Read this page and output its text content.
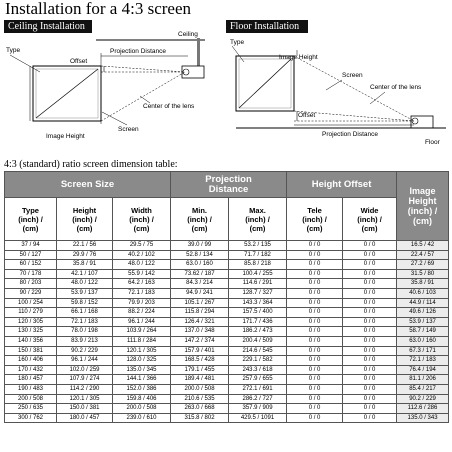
Installation for a 4:3 screen
Ceiling Installation	Floor Installation
Type
Ceiling
Projection Distance
Offset
Center of the lens
Screen
Image Height
Type
Image Height
Screen
Center of the lens
Offset
Projection Distance
Floor
4:3 (standard) ratio screen dimension table:
Screen Size			Projection
Distance		Height Offset		Image
Height
(inch) /
(cm)
Type
(inch) /
(cm)	Height
(inch) /
(cm)	Width
(inch) /
(cm)	Min.
(inch) /
(cm)	Max.
(inch) /
(cm)	Tele
(inch) /
(cm)	Wide
(inch) /
(cm)	
37 / 94	22.1 / 56	29.5 / 75	39.0 / 99	53.2 / 135	0 / 0	0 / 0	16.5 / 42
50 / 127	29.9 / 76	40.2 / 102	52.8 / 134	71.7 / 182	0 / 0	0 / 0	22.4 / 57
60 / 152	35.8 / 91	48.0 / 122	63.0 / 160	85.8 / 218	0 / 0	0 / 0	27.2 / 69
70 / 178	42.1 / 107	55.9 / 142	73.62 / 187	100.4 / 255	0 / 0	0 / 0	31.5 / 80
80 / 203	48.0 / 122	64.2 / 163	84.3 / 214	114.6 / 291	0 / 0	0 / 0	35.8 / 91
90 / 229	53.9 / 137	72.1 / 183	94.9 / 241	128.7 / 327	0 / 0	0 / 0	40.6 / 103
100 / 254	59.8 / 152	79.9 / 203	105.1 / 267	143.3 / 364	0 / 0	0 / 0	44.9 / 114
110 / 279	66.1 / 168	88.2 / 224	115.8 / 294	157.5 / 400	0 / 0	0 / 0	49.6 / 126
120 / 305	72.1 / 183	96.1 / 244	126.4 / 321	171.7 / 436	0 / 0	0 / 0	53.9 / 137
130 / 325	78.0 / 198	103.9 / 264	137.0 / 348	186.2 / 473	0 / 0	0 / 0	58.7 / 149
140 / 356	83.9 / 213	111.8 / 284	147.2 / 374	200.4 / 509	0 / 0	0 / 0	63.0 / 160
150 / 381	90.2 / 229	120.1 / 305	157.9 / 401	214.6 / 545	0 / 0	0 / 0	67.3 / 171
160 / 406	96.1 / 244	128.0 / 325	168.5 / 428	229.1 / 582	0 / 0	0 / 0	72.1 / 183
170 / 432	102.0 / 259	135.0 / 345	179.1 / 455	243.3 / 618	0 / 0	0 / 0	76.4 / 194
180 / 457	107.9 / 274	144.1 / 366	189.4 / 481	257.9 / 655	0 / 0	0 / 0	81.1 / 206
190 / 483	114.2 / 290	152.0 / 386	200.0 / 508	272.1 / 691	0 / 0	0 / 0	85.4 / 217
200 / 508	120.1 / 305	159.8 / 406	210.6 / 535	286.2 / 727	0 / 0	0 / 0	90.2 / 229
250 / 635	150.0 / 381	200.0 / 508	263.0 / 668	357.9 / 909	0 / 0	0 / 0	112.6 / 286
300 / 762	180.0 / 457	239.0 / 610	315.8 / 802	429.5 / 1091	0 / 0	0 / 0	135.0 / 343
